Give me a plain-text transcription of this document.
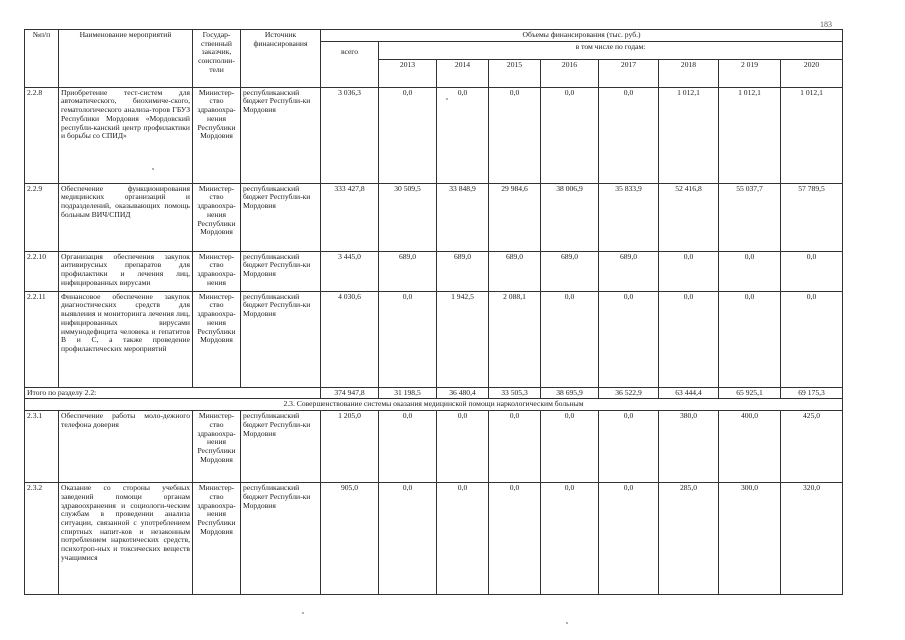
183
№п/п	Наименование мероприятий	Государ-ственный заказчик, соисполни-тели	Источник финансирования	Объемы финансирования (тыс. руб.)								
				всего	в том числе по годам:							
					2013	2014	2015	2016	2017	2018	2 019	2020
2.2.8	Приобретение тест-систем для автоматического, биохимиче-ского, гематологического анализа-торов ГБУЗ Республики Мордовия «Мордовский республи-канский центр профилактики и борьбы со СПИД»	Министер-ство здравоохра-нения Республики Мордовия	республиканский бюджет Республи-ки Мордовия	3 036,3	0,0	0,0	0,0	0,0	0,0	1 012,1	1 012,1	1 012,1
2.2.9	Обеспечение функционирования медицинских организаций и подразделений, оказывающих помощь больным ВИЧ/СПИД	Министер-ство здравоохра-нения Республики Мордовия	республиканский бюджет Республи-ки Мордовия	333 427,8	30 509,5	33 848,9	29 984,6	38 006,9	35 833,9	52 416,8	55 037,7	57 789,5
2.2.10	Организация обеспечения закупок антивирусных препаратов для профилактики и лечения лиц, инфицированных вирусами	Министер-ство здравоохра-нения	республиканский бюджет Республи-ки Мордовия	3 445,0	689,0	689,0	689,0	689,0	689,0	0,0	0,0	0,0
2.2.11	Финансовое обеспечение закупок диагностических средств для выявления и мониторинга лечения лиц, инфицированных вирусами иммунодефицита человека и гепатитов В и С, а также проведение профилактических мероприятий	Министер-ство здравоохра-нения Республики Мордовия	республиканский бюджет Республи-ки Мордовия	4 030,6	0,0	1 942,5	2 088,1	0,0	0,0	0,0	0,0	0,0
Итого по разделу 2.2:				374 947,8	31 198,5	36 480,4	33 505,3	38 695,9	36 522,9	63 444,4	65 925,1	69 175,3
2.3. Совершенствование системы оказания медицинской помощи наркологическим больным												
2.3.1	Обеспечение работы моло-дежного телефона доверия	Министер-ство здравоохра-нения Республики Мордовия	республиканский бюджет Республи-ки Мордовия	1 205,0	0,0	0,0	0,0	0,0	0,0	380,0	400,0	425,0
2.3.2	Оказание со стороны учебных заведений помощи органам здравоохранения и социологи-ческим службам в проведении анализа ситуации, связанной с употреблением спиртных напит-ков и незаконным потреблением наркотических средств, психотроп-ных и токсических веществ учащимися	Министер-ство здравоохра-нения Республики Мордовия	республиканский бюджет Республи-ки Мордовия	905,0	0,0	0,0	0,0	0,0	0,0	285,0	300,0	320,0
